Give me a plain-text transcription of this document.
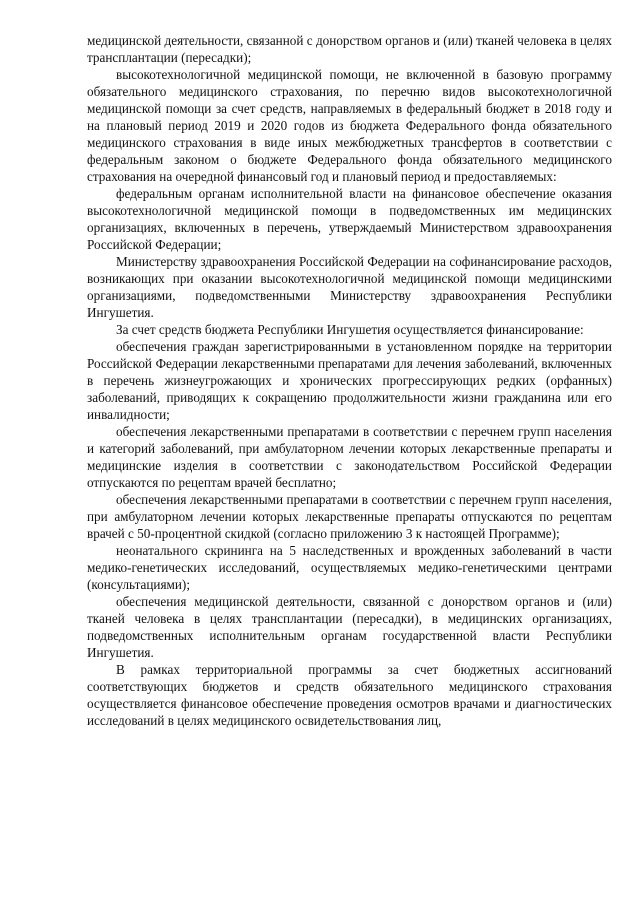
медицинской деятельности, связанной с донорством органов и (или) тканей человека в целях трансплантации (пересадки);

высокотехнологичной медицинской помощи, не включенной в базовую программу обязательного медицинского страхования, по перечню видов высокотехнологичной медицинской помощи за счет средств, направляемых в федеральный бюджет в 2018 году и на плановый период 2019 и 2020 годов из бюджета Федерального фонда обязательного медицинского страхования в виде иных межбюджетных трансфертов в соответствии с федеральным законом о бюджете Федерального фонда обязательного медицинского страхования на очередной финансовый год и плановый период и предоставляемых:

федеральным органам исполнительной власти на финансовое обеспечение оказания высокотехнологичной медицинской помощи в подведомственных им медицинских организациях, включенных в перечень, утверждаемый Министерством здравоохранения Российской Федерации;

Министерству здравоохранения Российской Федерации на софинансирование расходов, возникающих при оказании высокотехнологичной медицинской помощи медицинскими организациями, подведомственными Министерству здравоохранения Республики Ингушетия.

За счет средств бюджета Республики Ингушетия осуществляется финансирование:

обеспечения граждан зарегистрированными в установленном порядке на территории Российской Федерации лекарственными препаратами для лечения заболеваний, включенных в перечень жизнеугрожающих и хронических прогрессирующих редких (орфанных) заболеваний, приводящих к сокращению продолжительности жизни гражданина или его инвалидности;

обеспечения лекарственными препаратами в соответствии с перечнем групп населения и категорий заболеваний, при амбулаторном лечении которых лекарственные препараты и медицинские изделия в соответствии с законодательством Российской Федерации отпускаются по рецептам врачей бесплатно;

обеспечения лекарственными препаратами в соответствии с перечнем групп населения, при амбулаторном лечении которых лекарственные препараты отпускаются по рецептам врачей с 50-процентной скидкой (согласно приложению 3 к настоящей Программе);

неонатального скрининга на 5 наследственных и врожденных заболеваний в части медико-генетических исследований, осуществляемых медико-генетическими центрами (консультациями);

обеспечения медицинской деятельности, связанной с донорством органов и (или) тканей человека в целях трансплантации (пересадки), в медицинских организациях, подведомственных исполнительным органам государственной власти Республики Ингушетия.

В рамках территориальной программы за счет бюджетных ассигнований соответствующих бюджетов и средств обязательного медицинского страхования осуществляется финансовое обеспечение проведения осмотров врачами и диагностических исследований в целях медицинского освидетельствования лиц,
